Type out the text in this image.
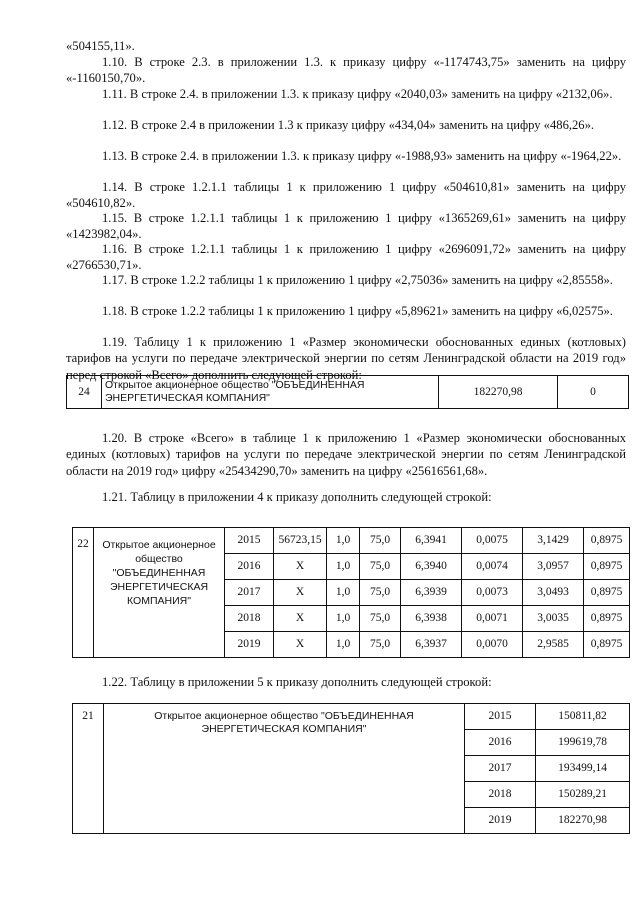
«504155,11».
1.10. В строке 2.3. в приложении 1.3. к приказу цифру «-1174743,75» заменить на цифру «-1160150,70».
1.11. В строке 2.4. в приложении 1.3. к приказу цифру «2040,03» заменить на цифру «2132,06».
1.12. В строке 2.4 в приложении 1.3 к приказу цифру «434,04» заменить на цифру «486,26».
1.13. В строке 2.4. в приложении 1.3. к приказу цифру «-1988,93» заменить на цифру «-1964,22».
1.14. В строке 1.2.1.1 таблицы 1 к приложению 1 цифру «504610,81» заменить на цифру «504610,82».
1.15. В строке 1.2.1.1 таблицы 1 к приложению 1 цифру «1365269,61» заменить на цифру «1423982,04».
1.16. В строке 1.2.1.1 таблицы 1 к приложению 1 цифру «2696091,72» заменить на цифру «2766530,71».
1.17. В строке 1.2.2 таблицы 1 к приложению 1 цифру «2,75036» заменить на цифру «2,85558».
1.18. В строке 1.2.2 таблицы 1 к приложению 1 цифру «5,89621» заменить на цифру «6,02575».
1.19. Таблицу 1 к приложению 1 «Размер экономически обоснованных единых (котловых) тарифов на услуги по передаче электрической энергии по сетям Ленинградской области на 2019 год» перед строкой «Всего» дополнить следующей строкой:
24	Открытое акционерное общество "ОБЪЕДИНЕННАЯ ЭНЕРГЕТИЧЕСКАЯ КОМПАНИЯ"	182270,98	0
1.20. В строке «Всего» в таблице 1 к приложению 1 «Размер экономически обоснованных единых (котловых) тарифов на услуги по передаче электрической энергии по сетям Ленинградской области на 2019 год» цифру «25434290,70» заменить на цифру «25616561,68».
1.21. Таблицу в приложении 4 к приказу дополнить следующей строкой:
22	Открытое акционерное общество "ОБЪЕДИНЕННАЯ ЭНЕРГЕТИЧЕСКАЯ КОМПАНИЯ"	2015	56723,15	1,0	75,0	6,3941	0,0075	3,1429	0,8975
		2016	X	1,0	75,0	6,3940	0,0074	3,0957	0,8975
		2017	X	1,0	75,0	6,3939	0,0073	3,0493	0,8975
		2018	X	1,0	75,0	6,3938	0,0071	3,0035	0,8975
		2019	X	1,0	75,0	6,3937	0,0070	2,9585	0,8975
1.22. Таблицу в приложении 5 к приказу дополнить следующей строкой:
21	Открытое акционерное общество "ОБЪЕДИНЕННАЯ ЭНЕРГЕТИЧЕСКАЯ КОМПАНИЯ"	2015	150811,82
		2016	199619,78
		2017	193499,14
		2018	150289,21
		2019	182270,98
